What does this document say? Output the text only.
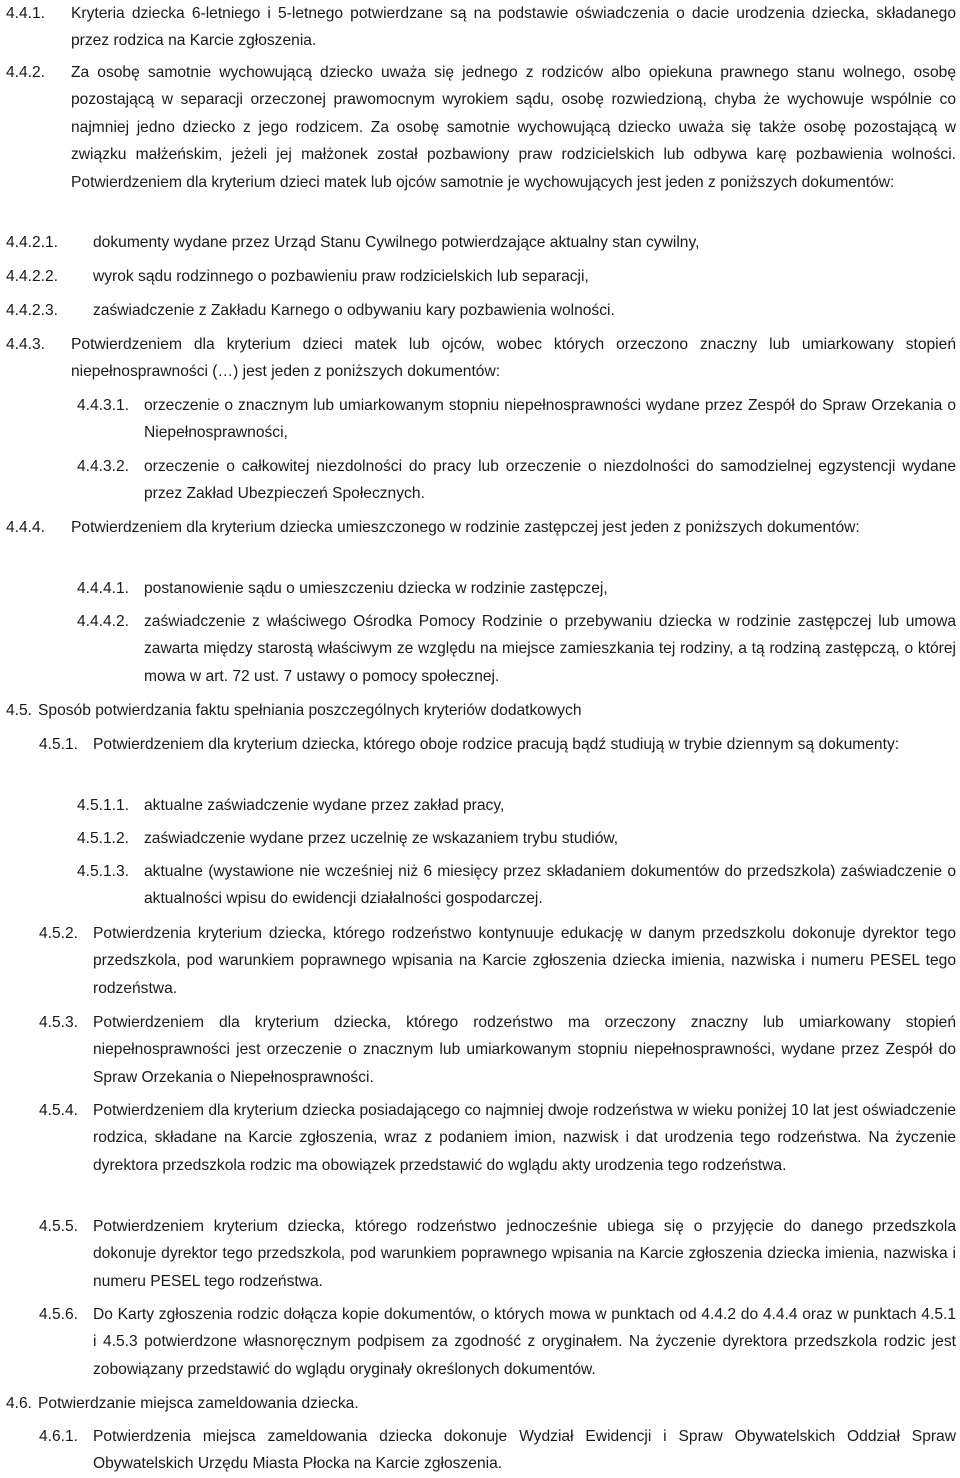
4.4.1.	Kryteria dziecka 6-letniego i 5-letnego potwierdzane są na podstawie oświadczenia o dacie urodzenia dziecka, składanego przez rodzica na Karcie zgłoszenia.
4.4.2.	Za osobę samotnie wychowującą dziecko uważa się jednego z rodziców albo opiekuna prawnego stanu wolnego, osobę pozostającą w separacji orzeczonej prawomocnym wyrokiem sądu, osobę rozwiedzioną, chyba że wychowuje wspólnie co najmniej jedno dziecko z jego rodzicem. Za osobę samotnie wychowującą dziecko uważa się także osobę pozostającą w związku małżeńskim, jeżeli jej małżonek został pozbawiony praw rodzicielskich lub odbywa karę pozbawienia wolności. Potwierdzeniem dla kryterium dzieci matek lub ojców samotnie je wychowujących jest jeden z poniższych dokumentów:
4.4.2.1.	dokumenty wydane przez Urząd Stanu Cywilnego potwierdzające aktualny stan cywilny,
4.4.2.2.	wyrok sądu rodzinnego o pozbawieniu praw rodzicielskich lub separacji,
4.4.2.3.	zaświadczenie z Zakładu Karnego o odbywaniu kary pozbawienia wolności.
4.4.3.	Potwierdzeniem dla kryterium dzieci matek lub ojców, wobec których orzeczono znaczny lub umiarkowany stopień niepełnosprawności (…) jest jeden z poniższych dokumentów:
4.4.3.1. orzeczenie o znacznym lub umiarkowanym stopniu niepełnosprawności wydane przez Zespół do Spraw Orzekania o Niepełnosprawności,
4.4.3.2. orzeczenie o całkowitej niezdolności do pracy lub orzeczenie o niezdolności do samodzielnej egzystencji wydane przez Zakład Ubezpieczeń Społecznych.
4.4.4.	Potwierdzeniem dla kryterium dziecka umieszczonego w rodzinie zastępczej jest jeden z poniższych dokumentów:
4.4.4.1. postanowienie sądu o umieszczeniu dziecka w rodzinie zastępczej,
4.4.4.2. zaświadczenie z właściwego Ośrodka Pomocy Rodzinie o przebywaniu dziecka w rodzinie zastępczej lub umowa zawarta między starostą właściwym ze względu na miejsce zamieszkania tej rodziny, a tą rodziną zastępczą, o której mowa w art. 72 ust. 7 ustawy o pomocy społecznej.
4.5. Sposób potwierdzania faktu spełniania poszczególnych kryteriów dodatkowych
4.5.1. Potwierdzeniem dla kryterium dziecka, którego oboje rodzice pracują bądź studiują w trybie dziennym są dokumenty:
4.5.1.1. aktualne zaświadczenie wydane przez zakład pracy,
4.5.1.2. zaświadczenie wydane przez uczelnię ze wskazaniem trybu studiów,
4.5.1.3. aktualne (wystawione nie wcześniej niż 6 miesięcy przez składaniem dokumentów do przedszkola) zaświadczenie o aktualności wpisu do ewidencji działalności gospodarczej.
4.5.2. Potwierdzenia kryterium dziecka, którego rodzeństwo kontynuuje edukację w danym przedszkolu dokonuje dyrektor tego przedszkola, pod warunkiem poprawnego wpisania na Karcie zgłoszenia dziecka imienia, nazwiska i numeru PESEL tego rodzeństwa.
4.5.3. Potwierdzeniem dla kryterium dziecka, którego rodzeństwo ma orzeczony znaczny lub umiarkowany stopień niepełnosprawności jest orzeczenie o znacznym lub umiarkowanym stopniu niepełnosprawności, wydane przez Zespół do Spraw Orzekania o Niepełnosprawności.
4.5.4. Potwierdzeniem dla kryterium dziecka posiadającego co najmniej dwoje rodzeństwa w wieku poniżej 10 lat jest oświadczenie rodzica, składane na Karcie zgłoszenia, wraz z podaniem imion, nazwisk i dat urodzenia tego rodzeństwa. Na życzenie dyrektora przedszkola rodzic ma obowiązek przedstawić do wglądu akty urodzenia tego rodzeństwa.
4.5.5. Potwierdzeniem kryterium dziecka, którego rodzeństwo jednocześnie ubiega się o przyjęcie do danego przedszkola dokonuje dyrektor tego przedszkola, pod warunkiem poprawnego wpisania na Karcie zgłoszenia dziecka imienia, nazwiska i numeru PESEL tego rodzeństwa.
4.5.6. Do Karty zgłoszenia rodzic dołącza kopie dokumentów, o których mowa w punktach od 4.4.2 do 4.4.4 oraz w punktach 4.5.1 i 4.5.3 potwierdzone własnoręcznym podpisem za zgodność z oryginałem. Na życzenie dyrektora przedszkola rodzic jest zobowiązany przedstawić do wglądu oryginały określonych dokumentów.
4.6. Potwierdzanie miejsca zameldowania dziecka.
4.6.1. Potwierdzenia miejsca zameldowania dziecka dokonuje Wydział Ewidencji i Spraw Obywatelskich Oddział Spraw Obywatelskich Urzędu Miasta Płocka na Karcie zgłoszenia.
